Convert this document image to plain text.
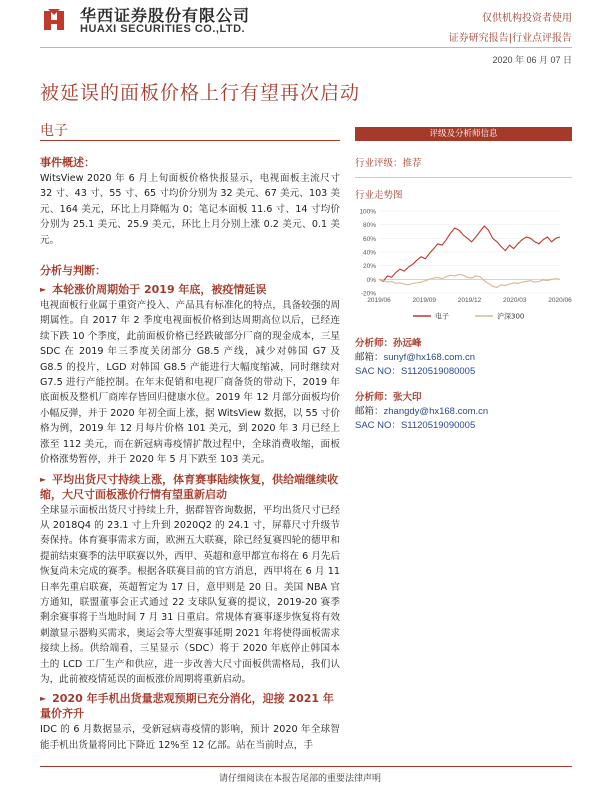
华西证券股份有限公司
HUAXI SECURITIES CO.,LTD.
仅供机构投资者使用
证券研究报告|行业点评报告
2020 年 06 月 07 日
被延误的面板价格上行有望再次启动
电子
事件概述：

WitsView 2020 年 6 月上旬面板价格快报显示，电视面板主流尺寸 32 寸、43 寸、55 寸、65 寸均价分别为 32 美元、67 美元、103 美元、164 美元，环比上月降幅为 0；笔记本面板 11.6 寸、14 寸均价分别为 25.1 美元、25.9 美元，环比上月分别上涨 0.2 美元、0.1 美元。

分析与判断：
► 本轮涨价周期始于 2019 年底，被疫情延误

电视面板行业属于重资产投入、产品具有标准化的特点，具备较强的周期属性。自 2017 年 2 季度电视面板价格到达周期高位以后，已经连续下跌 10 个季度，此前面板价格已经跌破部分厂商的现金成本，三星 SDC 在 2019 年三季度关闭部分 G8.5 产线，减少对韩国 G7 及 G8.5 的投片，LGD 对韩国 G8.5 产能进行大幅度缩减，同时继续对 G7.5 进行产能控制。在年末促销和电视厂商备货的带动下，2019 年底面板及整机厂商库存皆回归健康水位。2019 年 12 月部分面板均价小幅反弹，并于 2020 年初全面上涨，据 WitsView 数据，以 55 寸价格为例，2019 年 12 月每片价格 101 美元，到 2020 年 3 月已经上涨至 112 美元，而在新冠病毒疫情扩散过程中，全球消费收缩，面板价格涨势暂停，并于 2020 年 5 月下跌至 103 美元。

► 平均出货尺寸持续上涨，体育赛事陆续恢复，供给端继续收缩，大尺寸面板涨价行情有望重新启动

全球显示面板出货尺寸持续上升，据群智咨询数据，平均出货尺寸已经从 2018Q4 的 23.1 寸上升到 2020Q2 的 24.1 寸，屏幕尺寸升级节奏保持。体育赛事需求方面，欧洲五大联赛，除已经复赛四轮的德甲和提前结束赛季的法甲联赛以外，西甲、英超和意甲都宣布将在 6 月先后恢复尚未完成的赛季。根据各联赛目前的官方消息，西甲将在 6 月 11 日率先重启联赛，英超暂定为 17 日，意甲则是 20 日。美国 NBA 官方通知，联盟董事会正式通过 22 支球队复赛的提议，2019-20 赛季剩余赛事将于当地时间 7 月 31 日重启。常规体育赛事逐步恢复将有效刺激显示器购买需求，奥运会等大型赛事延期 2021 年将使得面板需求接续上扬。供给端看，三星显示（SDC）将于 2020 年底停止韩国本土的 LCD 工厂生产和供应，进一步改善大尺寸面板供需格局，我们认为，此前被疫情延误的面板涨价周期将重新启动。

► 2020 年手机出货量悲观预期已充分消化，迎接 2021 年量价齐升

IDC 的 6 月数据显示，受新冠病毒疫情的影响，预计 2020 年全球智能手机出货量将同比下降近 12%至 12 亿部。站在当前时点，手

评级及分析师信息
行业评级：推荐
行业走势图
100%
80%
60%
40%
20%
0%
-20%
2019/06	2019/09	2019/12	2020/03	2020/06
电子	沪深300
分析师：孙远峰
邮箱：sunyf@hx168.com.cn
SAC NO：S1120519080005
分析师：张大印
邮箱：zhangdy@hx168.com.cn
SAC NO：S1120519090005
请仔细阅读在本报告尾部的重要法律声明
